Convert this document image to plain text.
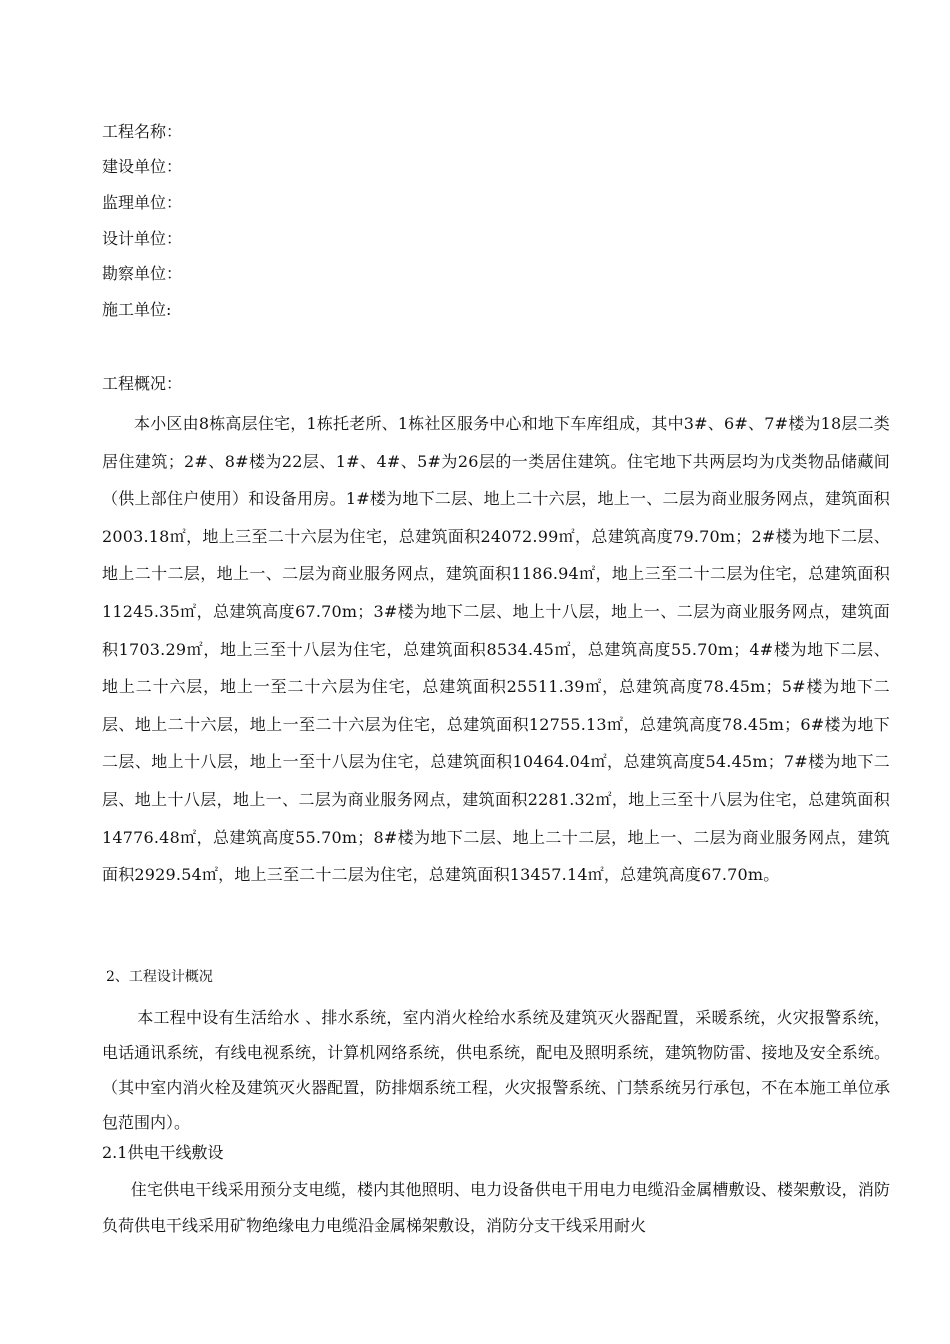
工程名称：
建设单位：
监理单位：
设计单位：
勘察单位：
施工单位:
工程概况：
本小区由8栋高层住宅，1栋托老所、1栋社区服务中心和地下车库组成，其中3#、6#、7#楼为18层二类居住建筑；2#、8#楼为22层、1#、4#、5#为26层的一类居住建筑。住宅地下共两层均为戊类物品储藏间（供上部住户使用）和设备用房。1#楼为地下二层、地上二十六层，地上一、二层为商业服务网点，建筑面积2003.18㎡，地上三至二十六层为住宅，总建筑面积24072.99㎡，总建筑高度79.70m；2#楼为地下二层、地上二十二层，地上一、二层为商业服务网点，建筑面积1186.94㎡，地上三至二十二层为住宅，总建筑面积11245.35㎡，总建筑高度67.70m；3#楼为地下二层、地上十八层，地上一、二层为商业服务网点，建筑面积1703.29㎡，地上三至十八层为住宅，总建筑面积8534.45㎡，总建筑高度55.70m；4#楼为地下二层、地上二十六层，地上一至二十六层为住宅，总建筑面积25511.39㎡，总建筑高度78.45m；5#楼为地下二层、地上二十六层，地上一至二十六层为住宅，总建筑面积12755.13㎡，总建筑高度78.45m；6#楼为地下二层、地上十八层，地上一至十八层为住宅，总建筑面积10464.04㎡，总建筑高度54.45m；7#楼为地下二层、地上十八层，地上一、二层为商业服务网点，建筑面积2281.32㎡，地上三至十八层为住宅，总建筑面积14776.48㎡，总建筑高度55.70m；8#楼为地下二层、地上二十二层，地上一、二层为商业服务网点，建筑面积2929.54㎡，地上三至二十二层为住宅，总建筑面积13457.14㎡，总建筑高度67.70m。
2、工程设计概况
本工程中设有生活给水 、排水系统，室内消火栓给水系统及建筑灭火器配置，采暖系统，火灾报警系统，电话通讯系统，有线电视系统，计算机网络系统，供电系统，配电及照明系统，建筑物防雷、接地及安全系统。（其中室内消火栓及建筑灭火器配置，防排烟系统工程，火灾报警系统、门禁系统另行承包，不在本施工单位承包范围内）。
2.1供电干线敷设
住宅供电干线采用预分支电缆，楼内其他照明、电力设备供电干用电力电缆沿金属槽敷设、楼架敷设，消防负荷供电干线采用矿物绝缘电力电缆沿金属梯架敷设，消防分支干线采用耐火
